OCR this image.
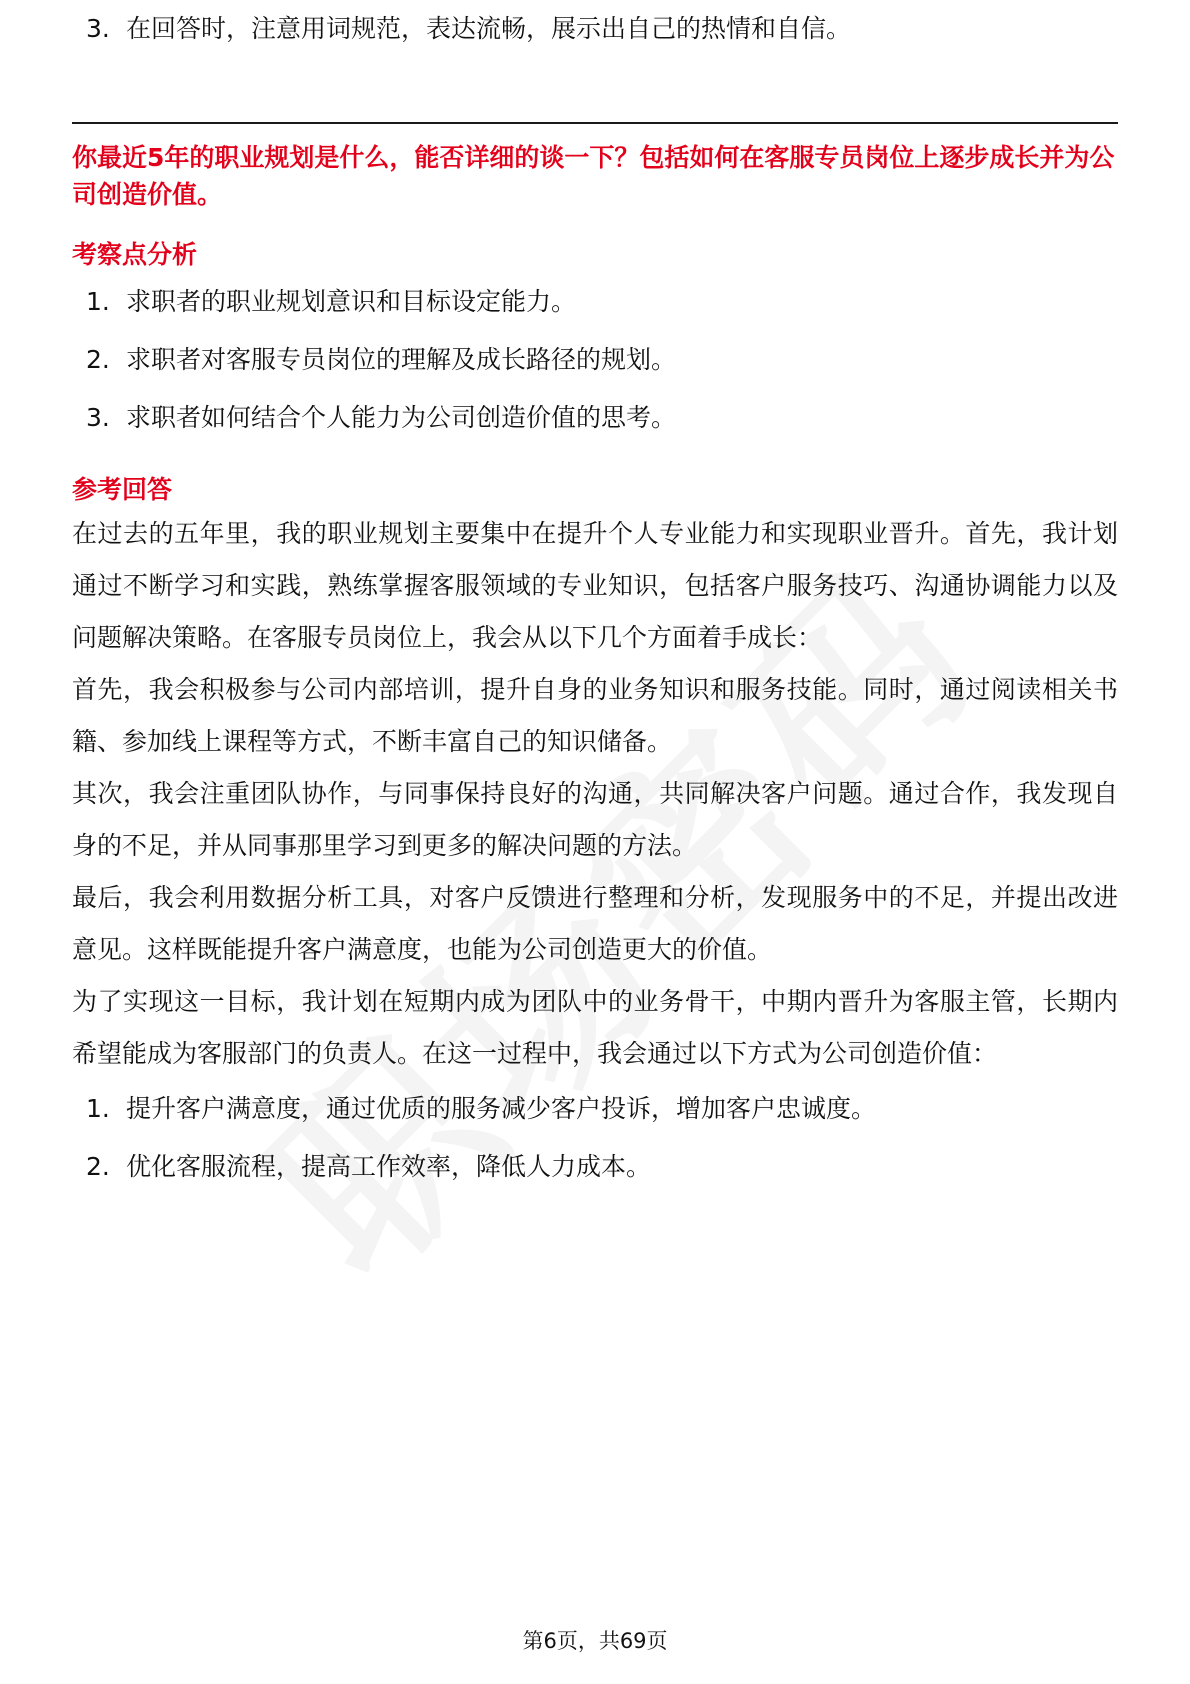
3. 在回答时，注意用词规范，表达流畅，展示出自己的热情和自信。
你最近5年的职业规划是什么，能否详细的谈一下？包括如何在客服专员岗位上逐步成长并为公司创造价值。
考察点分析
1. 求职者的职业规划意识和目标设定能力。
2. 求职者对客服专员岗位的理解及成长路径的规划。
3. 求职者如何结合个人能力为公司创造价值的思考。
参考回答

在过去的五年里，我的职业规划主要集中在提升个人专业能力和实现职业晋升。首先，我计划通过不断学习和实践，熟练掌握客服领域的专业知识，包括客户服务技巧、沟通协调能力以及问题解决策略。在客服专员岗位上，我会从以下几个方面着手成长：

首先，我会积极参与公司内部培训，提升自身的业务知识和服务技能。同时，通过阅读相关书籍、参加线上课程等方式，不断丰富自己的知识储备。

其次，我会注重团队协作，与同事保持良好的沟通，共同解决客户问题。通过合作，我发现自身的不足，并从同事那里学习到更多的解决问题的方法。

最后，我会利用数据分析工具，对客户反馈进行整理和分析，发现服务中的不足，并提出改进意见。这样既能提升客户满意度，也能为公司创造更大的价值。

为了实现这一目标，我计划在短期内成为团队中的业务骨干，中期内晋升为客服主管，长期内希望能成为客服部门的负责人。在这一过程中，我会通过以下方式为公司创造价值：

1. 提升客户满意度，通过优质的服务减少客户投诉，增加客户忠诚度。
2. 优化客服流程，提高工作效率，降低人力成本。
第6页，共69页
